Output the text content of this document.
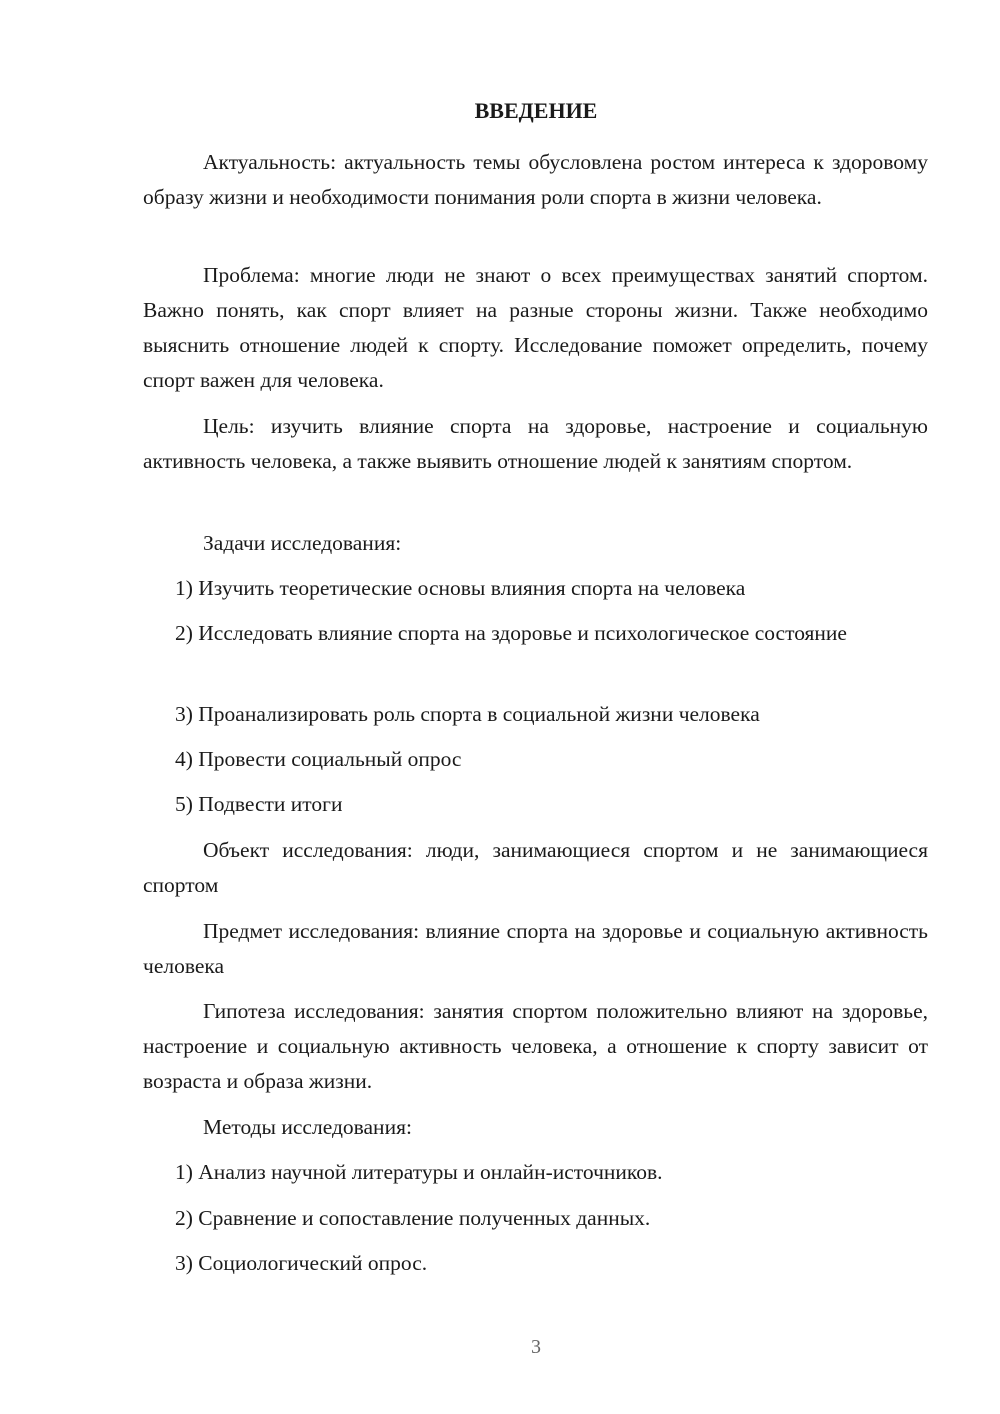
ВВЕДЕНИЕ

Актуальность: актуальность темы обусловлена ростом интереса к здоровому образу жизни и необходимости понимания роли спорта в жизни человека.

Проблема: многие люди не знают о всех преимуществах занятий спортом. Важно понять, как спорт влияет на разные стороны жизни. Также необходимо выяснить отношение людей к спорту. Исследование поможет определить, почему спорт важен для человека.

Цель: изучить влияние спорта на здоровье, настроение и социальную активность человека, а также выявить отношение людей к занятиям спортом.

Задачи исследования:
1) Изучить теоретические основы влияния спорта на человека

2) Исследовать влияние спорта на здоровье и психологическое состояние

3) Проанализировать роль спорта в социальной жизни человека
4) Провести социальный опрос
5) Подвести итоги

Объект исследования: люди, занимающиеся спортом и не занимающиеся спортом

Предмет исследования: влияние спорта на здоровье и социальную активность человека

Гипотеза исследования: занятия спортом положительно влияют на здоровье, настроение и социальную активность человека, а отношение к спорту зависит от возраста и образа жизни.

Методы исследования:
1) Анализ научной литературы и онлайн-источников.
2) Сравнение и сопоставление полученных данных.
3) Социологический опрос.
3
